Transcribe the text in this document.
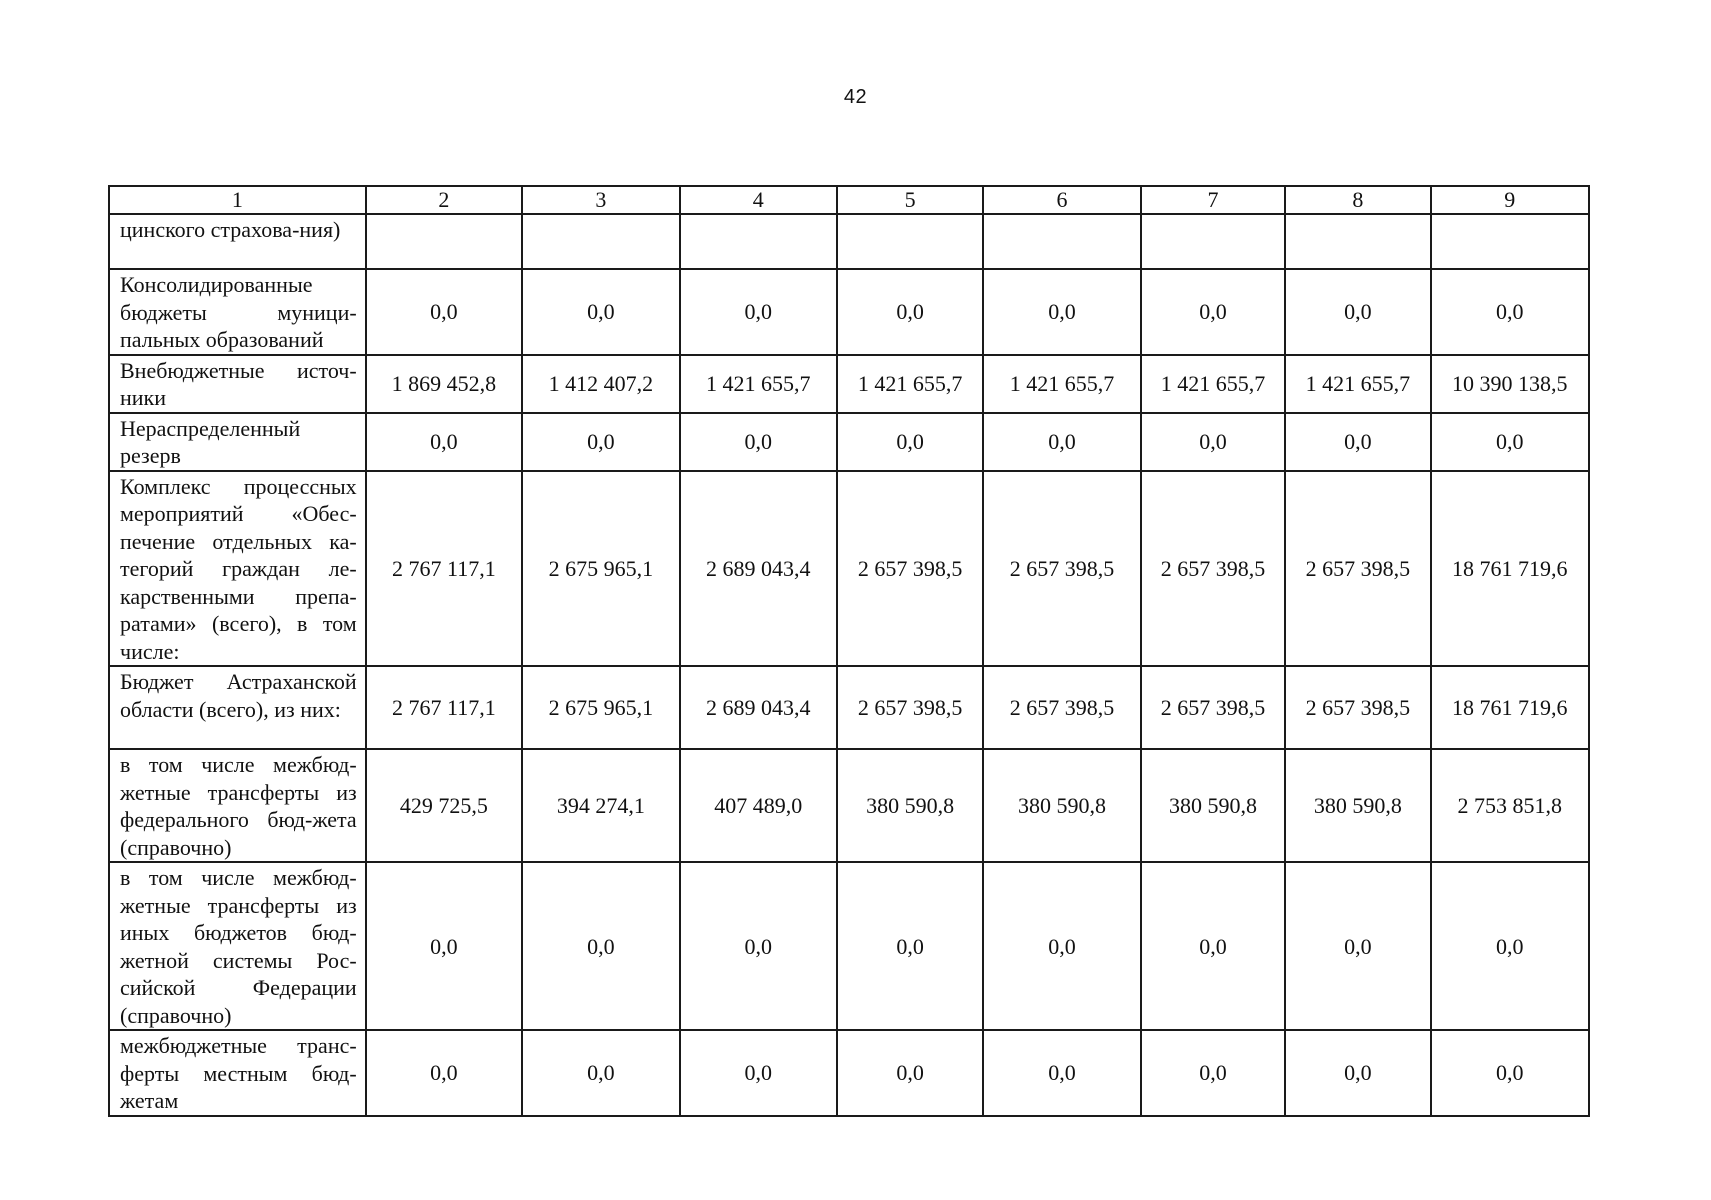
42
1	2	3	4	5	6	7	8	9
цинского страхова-ния)								
Консолидированные бюджеты муници-пальных образований	0,0	0,0	0,0	0,0	0,0	0,0	0,0	0,0
Внебюджетные источ-ники	1 869 452,8	1 412 407,2	1 421 655,7	1 421 655,7	1 421 655,7	1 421 655,7	1 421 655,7	10 390 138,5
Нераспределенный резерв	0,0	0,0	0,0	0,0	0,0	0,0	0,0	0,0
Комплекс процессных мероприятий «Обес-печение отдельных ка-тегорий граждан ле-карственными препа-ратами» (всего), в том числе:	2 767 117,1	2 675 965,1	2 689 043,4	2 657 398,5	2 657 398,5	2 657 398,5	2 657 398,5	18 761 719,6
Бюджет Астраханской области (всего), из них:	2 767 117,1	2 675 965,1	2 689 043,4	2 657 398,5	2 657 398,5	2 657 398,5	2 657 398,5	18 761 719,6
в том числе межбюд-жетные трансферты из федерального бюд-жета (справочно)	429 725,5	394 274,1	407 489,0	380 590,8	380 590,8	380 590,8	380 590,8	2 753 851,8
в том числе межбюд-жетные трансферты из иных бюджетов бюд-жетной системы Рос-сийской Федерации (справочно)	0,0	0,0	0,0	0,0	0,0	0,0	0,0	0,0
межбюджетные транс-ферты местным бюд-жетам	0,0	0,0	0,0	0,0	0,0	0,0	0,0	0,0
